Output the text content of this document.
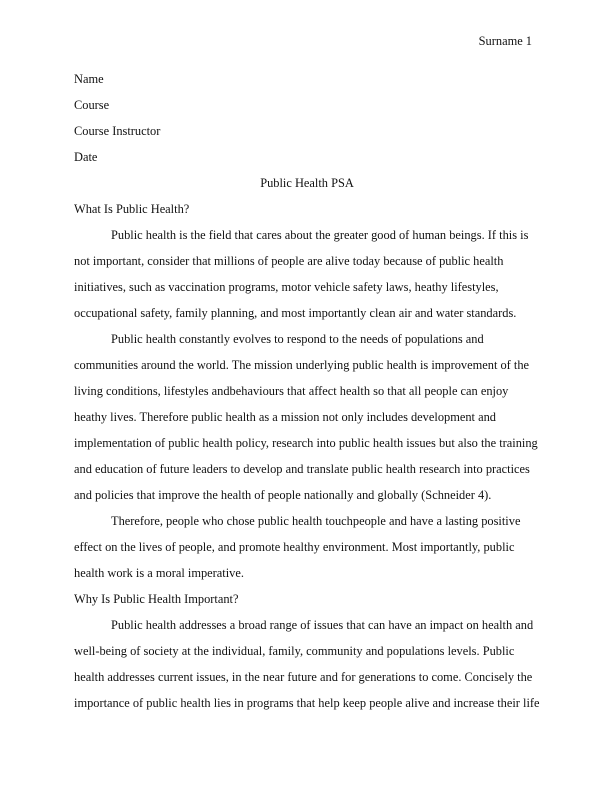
Surname 1
Name
Course
Course Instructor
Date
Public Health PSA
What Is Public Health?
Public health is the field that cares about the greater good of human beings. If this is
not important, consider that millions of people are alive today because of public health
initiatives, such as vaccination programs, motor vehicle safety laws, heathy lifestyles,
occupational safety, family planning, and most importantly clean air and water standards.
Public health constantly evolves to respond to the needs of populations and
communities around the world. The mission underlying public health is improvement of the
living conditions, lifestyles andbehaviours that affect health so that all people can enjoy
heathy lives. Therefore public health as a mission not only includes development and
implementation of public health policy, research into public health issues but also the training
and education of future leaders to develop and translate public health research into practices
and policies that improve the health of people nationally and globally (Schneider 4).
Therefore, people who chose public health touchpeople and have a lasting positive
effect on the lives of people, and promote healthy environment. Most importantly, public
health work is a moral imperative.
Why Is Public Health Important?
Public health addresses a broad range of issues that can have an impact on health and
well-being of society at the individual, family, community and populations levels. Public
health addresses current issues, in the near future and for generations to come. Concisely the
importance of public health lies in programs that help keep people alive and increase their life
